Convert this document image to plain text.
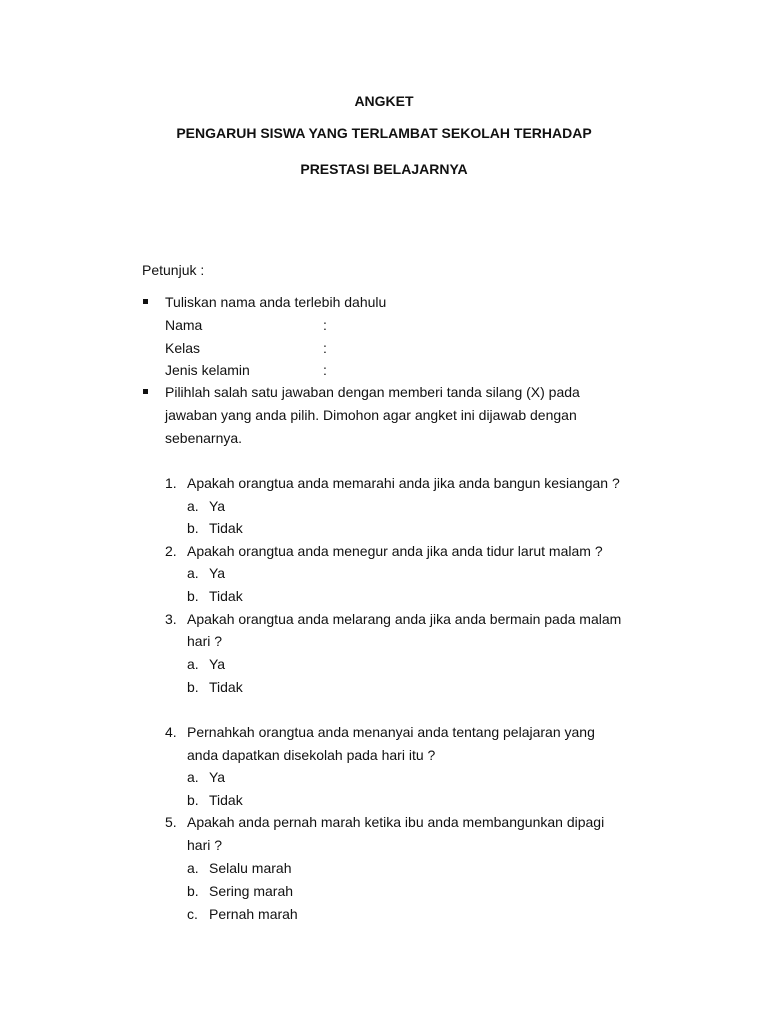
ANGKET
PENGARUH SISWA YANG TERLAMBAT SEKOLAH TERHADAP
PRESTASI BELAJARNYA
Petunjuk :
Tuliskan nama anda terlebih dahulu
Nama	:
Kelas	:
Jenis kelamin	:
Pilihlah salah satu jawaban dengan memberi tanda silang (X) pada
jawaban yang anda pilih. Dimohon agar angket ini dijawab dengan
sebenarnya.
1. Apakah orangtua anda memarahi anda jika anda bangun kesiangan ?
a. Ya
b. Tidak
2. Apakah orangtua anda menegur anda jika anda tidur larut malam ?
a. Ya
b. Tidak
3. Apakah orangtua anda melarang anda jika anda bermain pada malam
hari ?
a. Ya
b. Tidak
4. Pernahkah orangtua anda menanyai anda tentang pelajaran yang
anda dapatkan disekolah pada hari itu ?
a. Ya
b. Tidak
5. Apakah anda pernah marah ketika ibu anda membangunkan dipagi
hari ?
a. Selalu marah
b. Sering marah
c. Pernah marah
